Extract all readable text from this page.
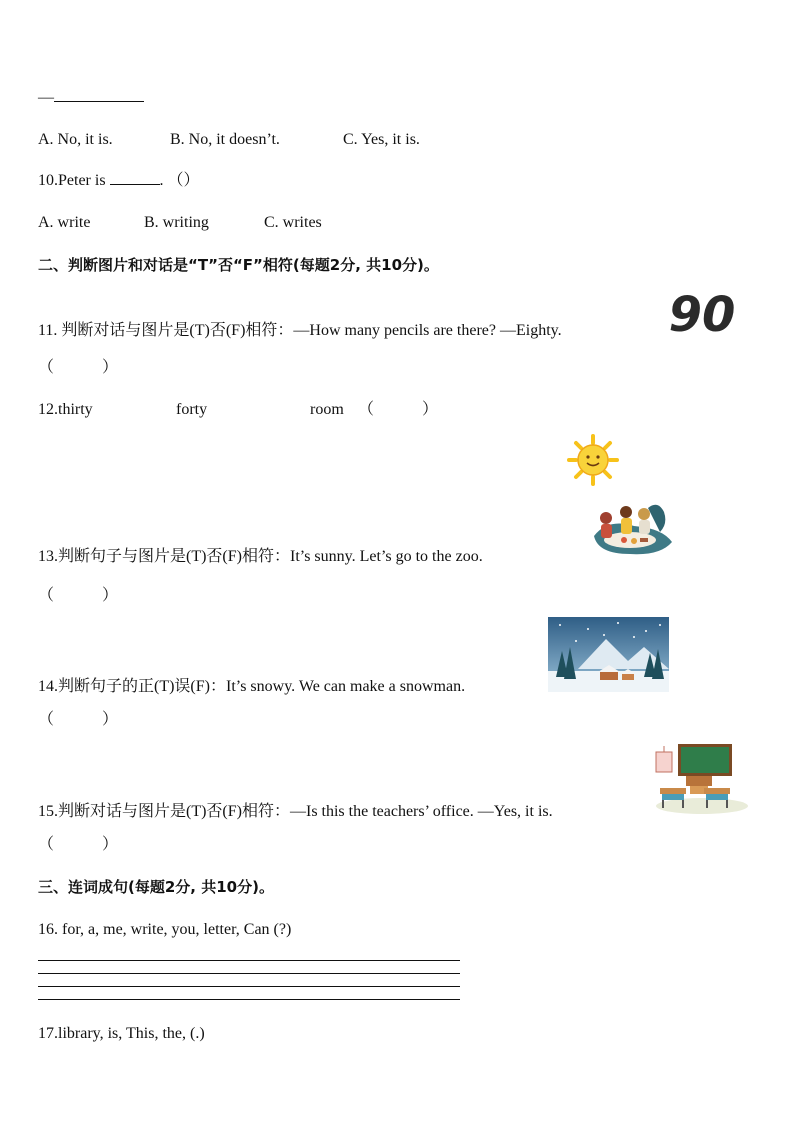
—
A. No, it is.	B. No, it doesn’t.	C. Yes, it is.
10.Peter is	. （）
A. write	B. writing	C. writes
二、判断图片和对话是“T”否“F”相符(每题2分, 共10分)。
11. 判断对话与图片是(T)否(F)相符：—How many pencils are there? —Eighty. 90
（　　　）
12.thirty	forty	room （　　　）
13.判断句子与图片是(T)否(F)相符：It’s sunny. Let’s go to the zoo.
（　　　）
14.判断句子的正(T)误(F)：It’s snowy. We can make a snowman.
（　　　）
15.判断对话与图片是(T)否(F)相符：—Is this the teachers’ office. —Yes, it is.
（　　　）
三、连词成句(每题2分, 共10分)。
16. for, a, me, write, you, letter, Can (?)
17.library, is, This, the, (.)
